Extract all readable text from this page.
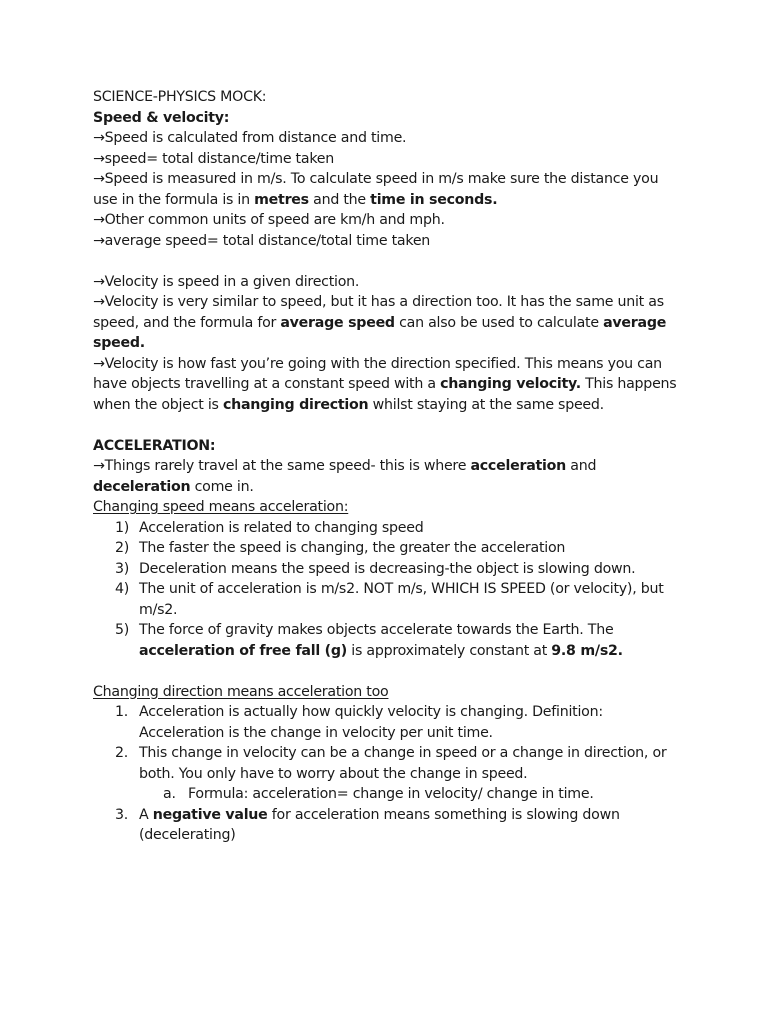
SCIENCE-PHYSICS MOCK:
Speed & velocity:
→Speed is calculated from distance and time.
→speed= total distance/time taken
→Speed is measured in m/s. To calculate speed in m/s make sure the distance you
use in the formula is in metres and the time in seconds.
→Other common units of speed are km/h and mph.
→average speed= total distance/total time taken
→Velocity is speed in a given direction.
→Velocity is very similar to speed, but it has a direction too. It has the same unit as
speed, and the formula for average speed can also be used to calculate average
speed.
→Velocity is how fast you’re going with the direction specified. This means you can
have objects travelling at a constant speed with a changing velocity. This happens
when the object is changing direction whilst staying at the same speed.
ACCELERATION:
→Things rarely travel at the same speed- this is where acceleration and
deceleration come in.
Changing speed means acceleration:
1) Acceleration is related to changing speed
2) The faster the speed is changing, the greater the acceleration
3) Deceleration means the speed is decreasing-the object is slowing down.
4) The unit of acceleration is m/s2. NOT m/s, WHICH IS SPEED (or velocity), but
m/s2.
5) The force of gravity makes objects accelerate towards the Earth. The
acceleration of free fall (g) is approximately constant at 9.8 m/s2.
Changing direction means acceleration too
1. Acceleration is actually how quickly velocity is changing. Definition:
Acceleration is the change in velocity per unit time.
2. This change in velocity can be a change in speed or a change in direction, or
both. You only have to worry about the change in speed.
a. Formula: acceleration= change in velocity/ change in time.
3. A negative value for acceleration means something is slowing down
(decelerating)
